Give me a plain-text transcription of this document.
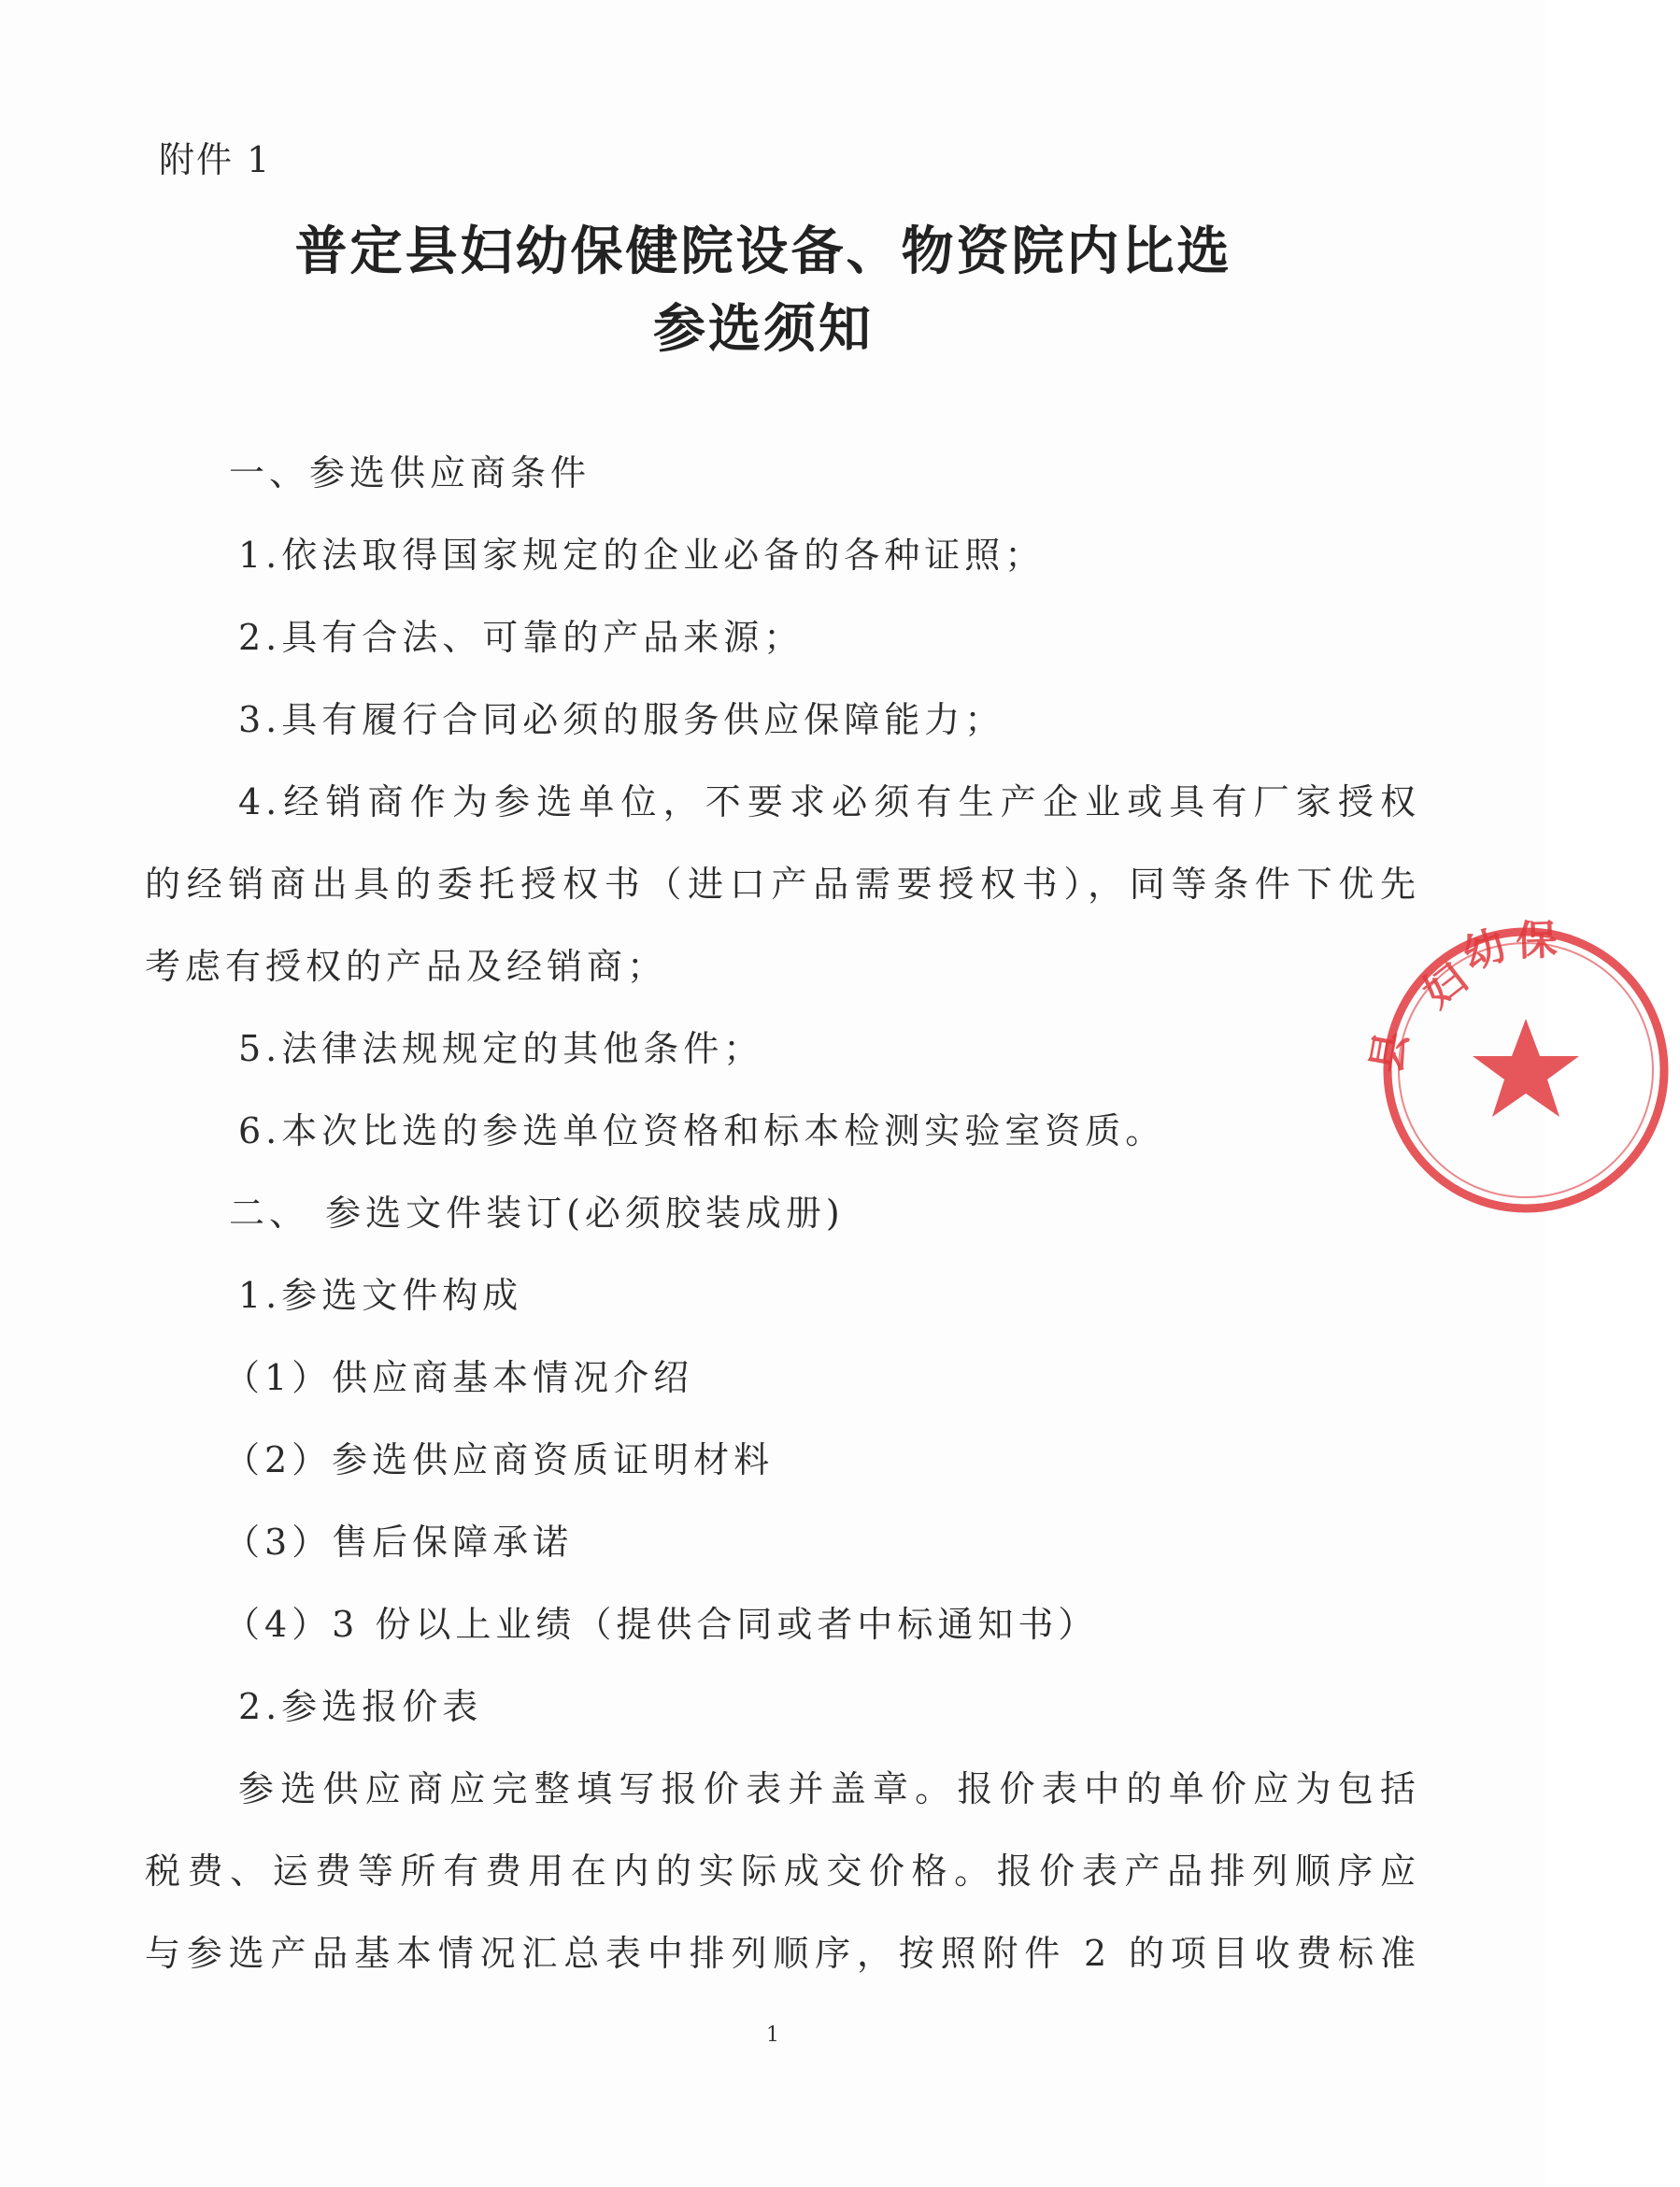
附件 1
普定县妇幼保健院设备、物资院内比选
参选须知
一、参选供应商条件
1.依法取得国家规定的企业必备的各种证照；
2.具有合法、可靠的产品来源；
3.具有履行合同必须的服务供应保障能力；
4.经销商作为参选单位，不要求必须有生产企业或具有厂家授权
的经销商出具的委托授权书（进口产品需要授权书），同等条件下优先
考虑有授权的产品及经销商；
5.法律法规规定的其他条件；
6.本次比选的参选单位资格和标本检测实验室资质。
二、 参选文件装订(必须胶装成册)
1.参选文件构成
（1）供应商基本情况介绍
（2）参选供应商资质证明材料
（3）售后保障承诺
（4）3 份以上业绩（提供合同或者中标通知书）
2.参选报价表
参选供应商应完整填写报价表并盖章。报价表中的单价应为包括
税费、运费等所有费用在内的实际成交价格。报价表产品排列顺序应
与参选产品基本情况汇总表中排列顺序，按照附件 2 的项目收费标准
妇
幼 保
县
1
